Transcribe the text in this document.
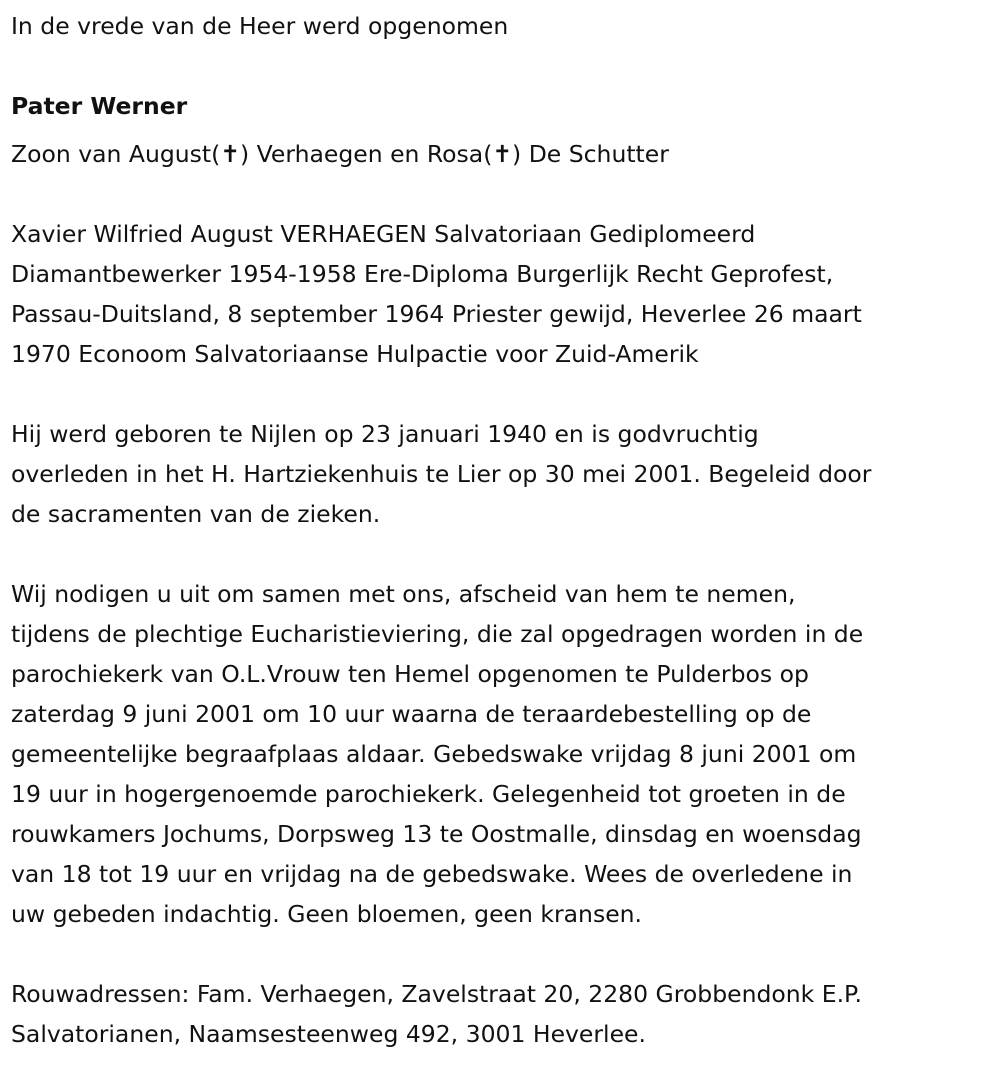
In de vrede van de Heer werd opgenomen
Pater Werner
Zoon van August(✝) Verhaegen en Rosa(✝) De Schutter
Xavier Wilfried August VERHAEGEN Salvatoriaan Gediplomeerd
Diamantbewerker 1954-1958 Ere-Diploma Burgerlijk Recht Geprofest,
Passau-Duitsland, 8 september 1964 Priester gewijd, Heverlee 26 maart
1970 Econoom Salvatoriaanse Hulpactie voor Zuid-Amerik
Hij werd geboren te Nijlen op 23 januari 1940 en is godvruchtig
overleden in het H. Hartziekenhuis te Lier op 30 mei 2001. Begeleid door
de sacramenten van de zieken.
Wij nodigen u uit om samen met ons, afscheid van hem te nemen,
tijdens de plechtige Eucharistieviering, die zal opgedragen worden in de
parochiekerk van O.L.Vrouw ten Hemel opgenomen te Pulderbos op
zaterdag 9 juni 2001 om 10 uur waarna de teraardebestelling op de
gemeentelijke begraafplaas aldaar. Gebedswake vrijdag 8 juni 2001 om
19 uur in hogergenoemde parochiekerk. Gelegenheid tot groeten in de
rouwkamers Jochums, Dorpsweg 13 te Oostmalle, dinsdag en woensdag
van 18 tot 19 uur en vrijdag na de gebedswake. Wees de overledene in
uw gebeden indachtig. Geen bloemen, geen kransen.
Rouwadressen: Fam. Verhaegen, Zavelstraat 20, 2280 Grobbendonk E.P.
Salvatorianen, Naamsesteenweg 492, 3001 Heverlee.
